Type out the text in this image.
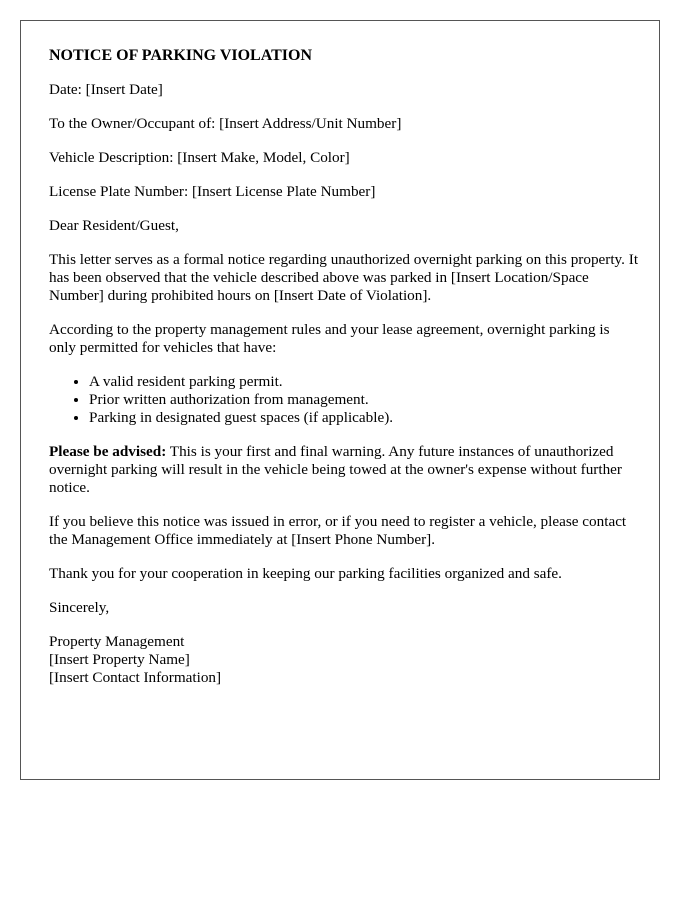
NOTICE OF PARKING VIOLATION

Date: [Insert Date]

To the Owner/Occupant of: [Insert Address/Unit Number]

Vehicle Description: [Insert Make, Model, Color]

License Plate Number: [Insert License Plate Number]

Dear Resident/Guest,

This letter serves as a formal notice regarding unauthorized overnight parking on this property. It has been observed that the vehicle described above was parked in [Insert Location/Space Number] during prohibited hours on [Insert Date of Violation].

According to the property management rules and your lease agreement, overnight parking is only permitted for vehicles that have:

• A valid resident parking permit.
• Prior written authorization from management.
• Parking in designated guest spaces (if applicable).

Please be advised: This is your first and final warning. Any future instances of unauthorized overnight parking will result in the vehicle being towed at the owner's expense without further notice.

If you believe this notice was issued in error, or if you need to register a vehicle, please contact the Management Office immediately at [Insert Phone Number].

Thank you for your cooperation in keeping our parking facilities organized and safe.

Sincerely,

Property Management
[Insert Property Name]
[Insert Contact Information]
